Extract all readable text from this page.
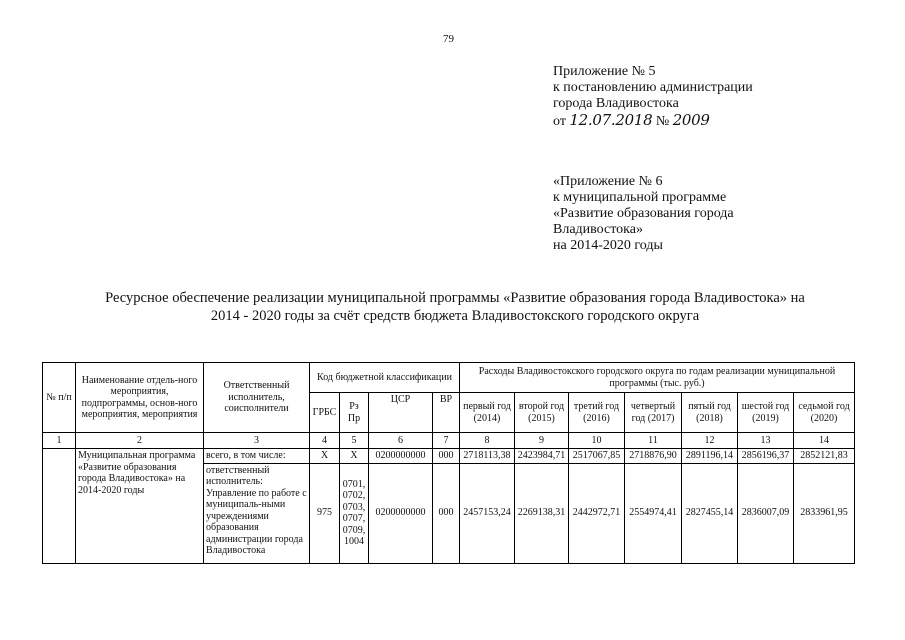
79
Приложение № 5
к постановлению администрации
города Владивостока
от 12.07.2018 № 2009
«Приложение № 6
к муниципальной программе
«Развитие образования города
Владивостока»
на 2014-2020 годы
Ресурсное обеспечение реализации муниципальной программы «Развитие образования города Владивостока» на
2014 - 2020 годы за счёт средств бюджета Владивостокского городского округа
№ п/п	Наименование отдель-ного мероприятия, подпрограммы, основ-ного мероприятия, мероприятия	Ответственный исполнитель, соисполнители	Код бюджетной классификации				Расходы Владивостокского городского округа по годам реализации муниципальной программы (тыс. руб.)						
			ГРБС	Рз Пр	ЦСР	ВР	первый год (2014)	второй год (2015)	третий год (2016)	четвертый год (2017)	пятый год (2018)	шестой год (2019)	седьмой год (2020)
1	2	3	4	5	6	7	8	9	10	11	12	13	14
	Муниципальная программа «Развитие образования города Владивостока» на 2014-2020 годы	всего, в том числе:	Х	Х	0200000000	000	2718113,38	2423984,71	2517067,85	2718876,90	2891196,14	2856196,37	2852121,83
		ответственный исполнитель: Управление по работе с муниципаль-ными учреждениями образования администрации города Владивостока	975	0701, 0702, 0703, 0707, 0709, 1004	0200000000	000	2457153,24	2269138,31	2442972,71	2554974,41	2827455,14	2836007,09	2833961,95
